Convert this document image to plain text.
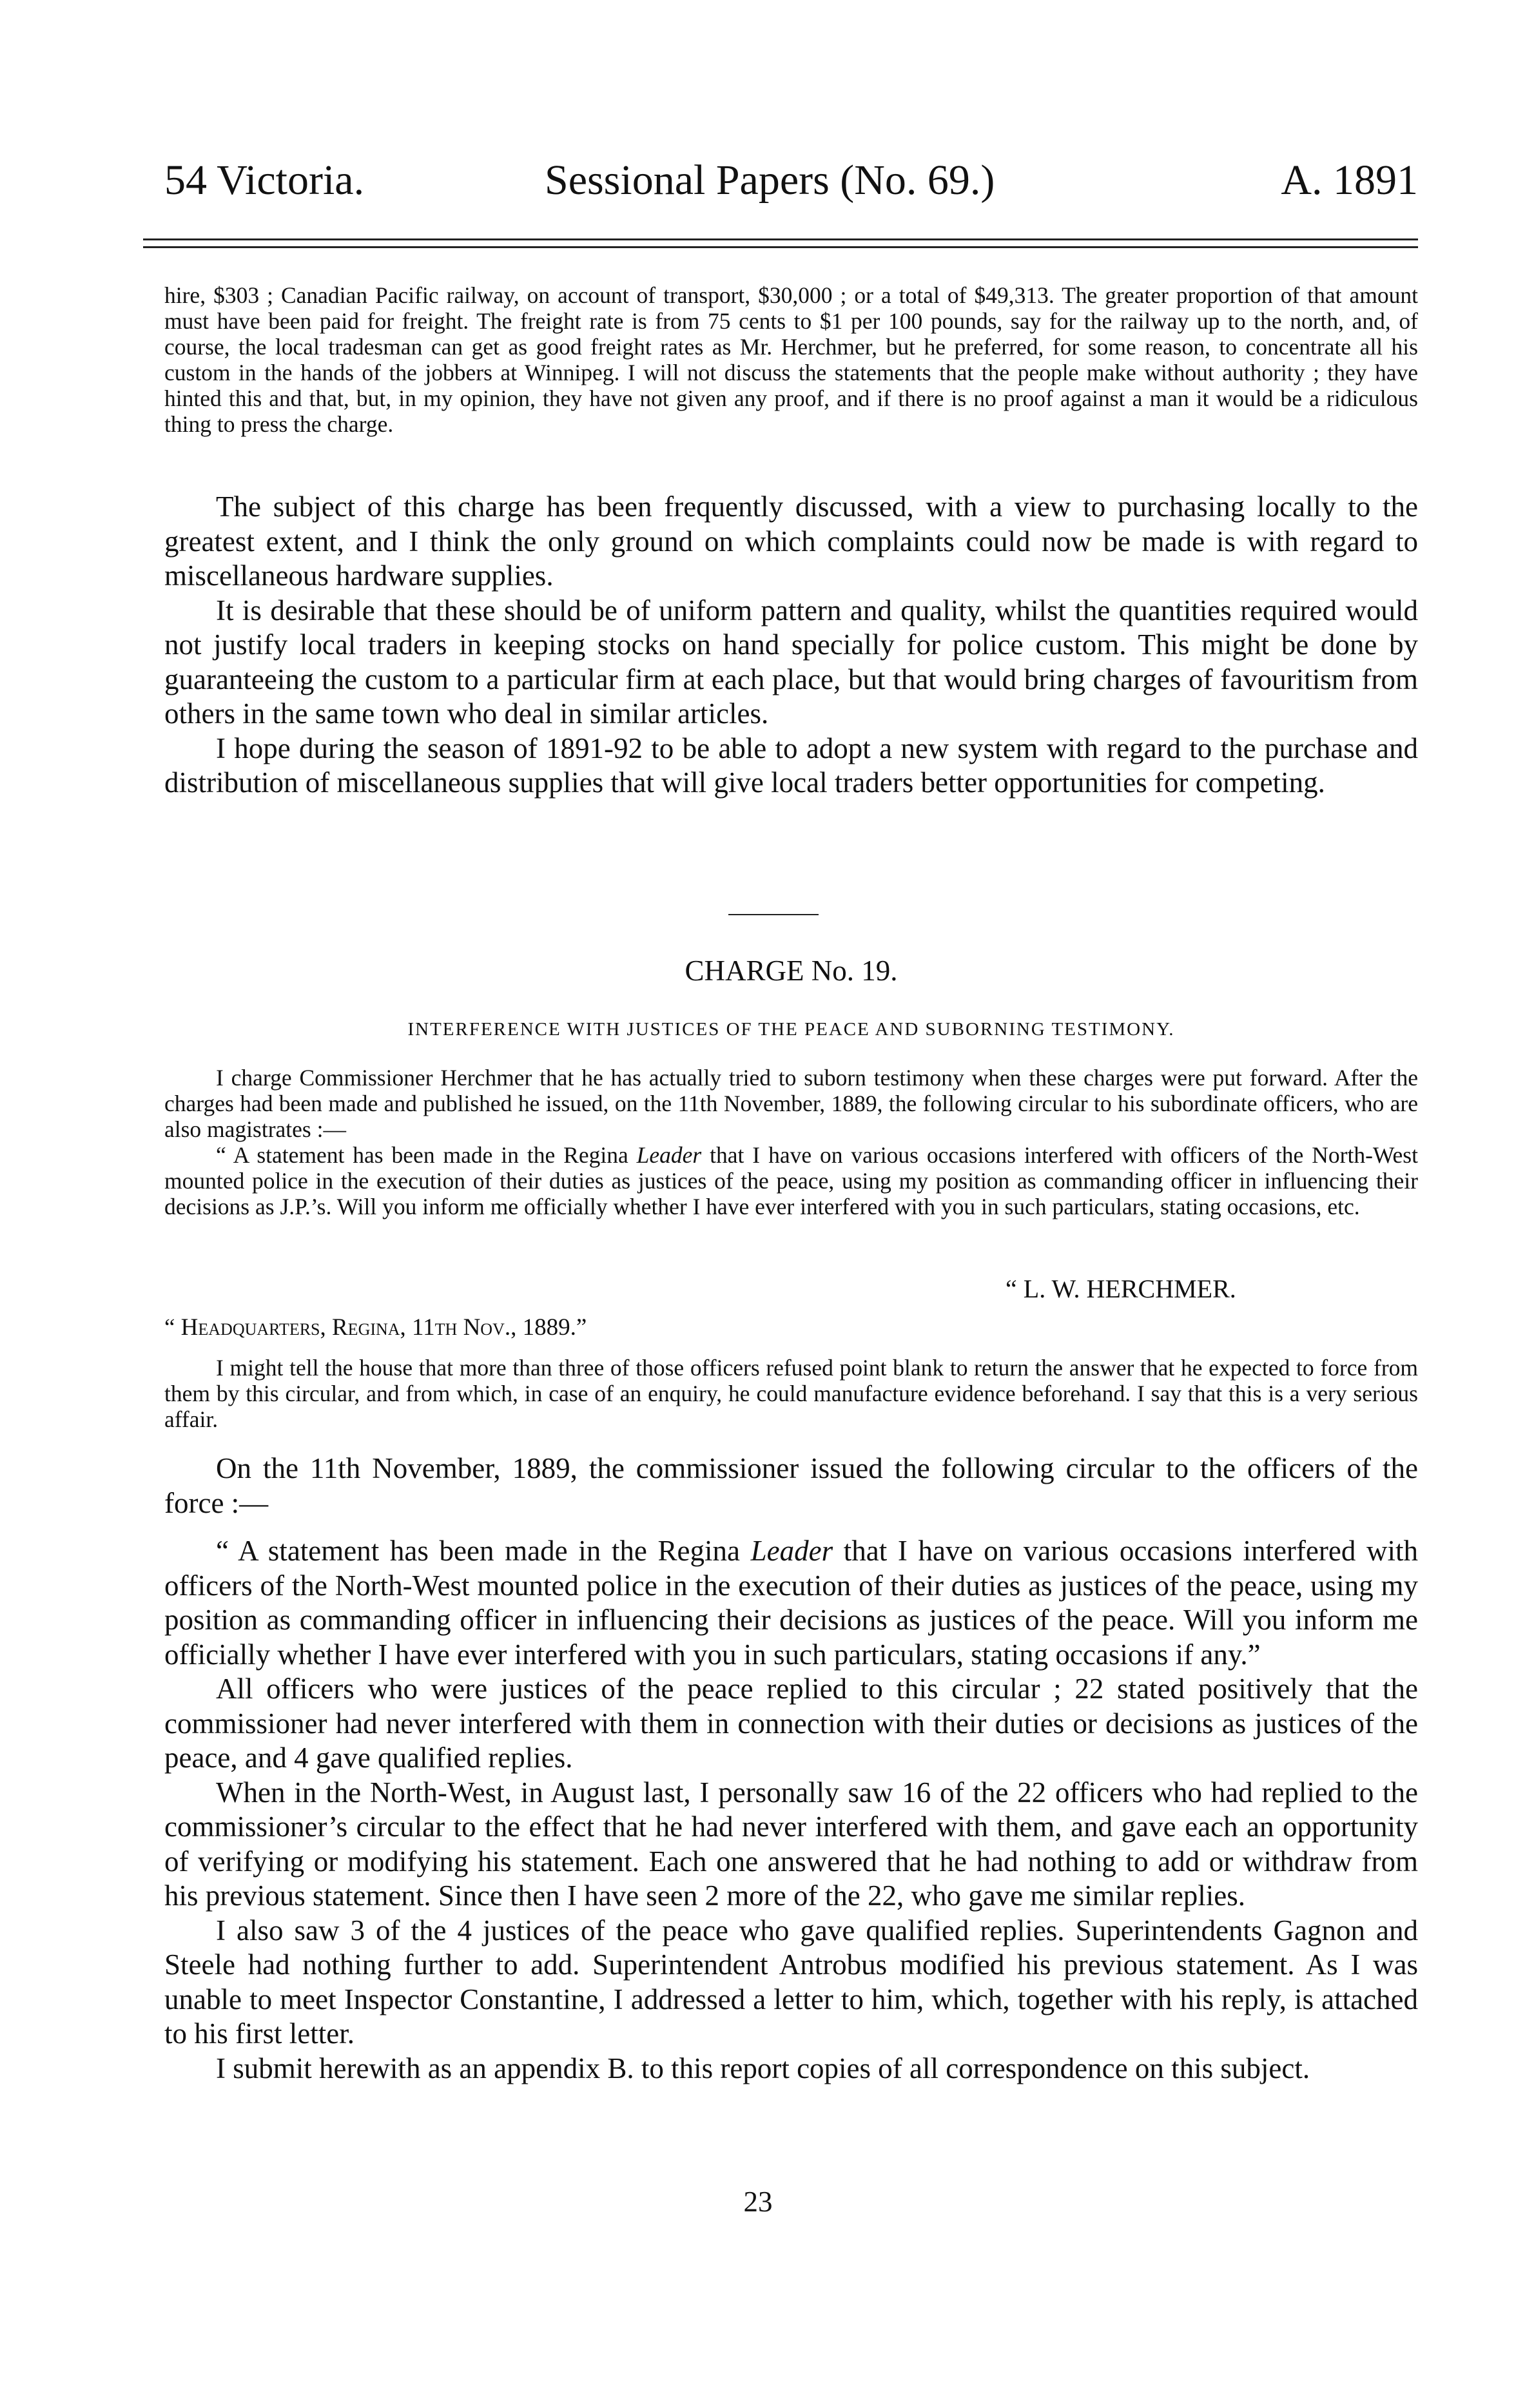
54 Victoria.	Sessional Papers (No. 69.)	A. 1891

hire, $303 ; Canadian Pacific railway, on account of transport, $30,000 ; or a total of $49,313. The greater proportion of that amount must have been paid for freight. The freight rate is from 75 cents to $1 per 100 pounds, say for the railway up to the north, and, of course, the local tradesman can get as good freight rates as Mr. Herchmer, but he preferred, for some reason, to concentrate all his custom in the hands of the jobbers at Winnipeg. I will not discuss the statements that the people make without authority ; they have hinted this and that, but, in my opinion, they have not given any proof, and if there is no proof against a man it would be a ridiculous thing to press the charge.

The subject of this charge has been frequently discussed, with a view to purchasing locally to the greatest extent, and I think the only ground on which complaints could now be made is with regard to miscellaneous hardware supplies.

It is desirable that these should be of uniform pattern and quality, whilst the quantities required would not justify local traders in keeping stocks on hand specially for police custom. This might be done by guaranteeing the custom to a particular firm at each place, but that would bring charges of favouritism from others in the same town who deal in similar articles.

I hope during the season of 1891-92 to be able to adopt a new system with regard to the purchase and distribution of miscellaneous supplies that will give local traders better opportunities for competing.

CHARGE No. 19.
INTERFERENCE WITH JUSTICES OF THE PEACE AND SUBORNING TESTIMONY.

I charge Commissioner Herchmer that he has actually tried to suborn testimony when these charges were put forward. After the charges had been made and published he issued, on the 11th November, 1889, the following circular to his subordinate officers, who are also magistrates :—

“ A statement has been made in the Regina Leader that I have on various occasions interfered with officers of the North-West mounted police in the execution of their duties as justices of the peace, using my position as commanding officer in influencing their decisions as J.P.’s. Will you inform me officially whether I have ever interfered with you in such particulars, stating occasions, etc.

“ L. W. HERCHMER.
“ Headquarters, Regina, 11th Nov., 1889.”

I might tell the house that more than three of those officers refused point blank to return the answer that he expected to force from them by this circular, and from which, in case of an enquiry, he could manufacture evidence beforehand. I say that this is a very serious affair.

On the 11th November, 1889, the commissioner issued the following circular to the officers of the force :—

“ A statement has been made in the Regina Leader that I have on various occasions interfered with officers of the North-West mounted police in the execution of their duties as justices of the peace, using my position as commanding officer in influencing their decisions as justices of the peace. Will you inform me officially whether I have ever interfered with you in such particulars, stating occasions if any.”

All officers who were justices of the peace replied to this circular ; 22 stated positively that the commissioner had never interfered with them in connection with their duties or decisions as justices of the peace, and 4 gave qualified replies.

When in the North-West, in August last, I personally saw 16 of the 22 officers who had replied to the commissioner’s circular to the effect that he had never interfered with them, and gave each an opportunity of verifying or modifying his statement. Each one answered that he had nothing to add or withdraw from his previous statement. Since then I have seen 2 more of the 22, who gave me similar replies.

I also saw 3 of the 4 justices of the peace who gave qualified replies. Superintendents Gagnon and Steele had nothing further to add. Superintendent Antrobus modified his previous statement. As I was unable to meet Inspector Constantine, I addressed a letter to him, which, together with his reply, is attached to his first letter.

I submit herewith as an appendix B. to this report copies of all correspondence on this subject.

23
